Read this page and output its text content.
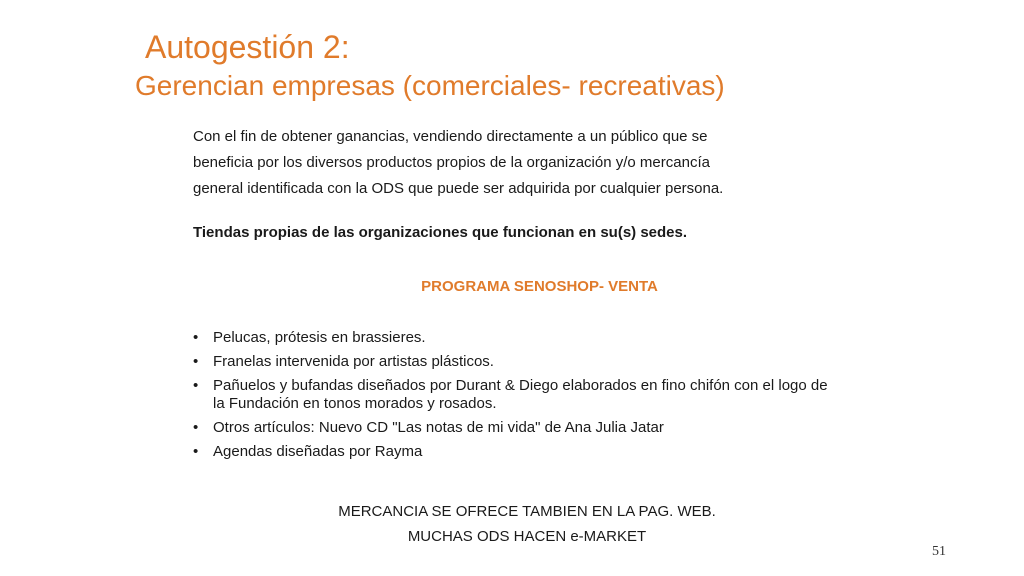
Autogestión 2:
Gerencian empresas (comerciales- recreativas)

Con el fin de obtener ganancias, vendiendo directamente a un público que se

beneficia por los diversos productos propios de la organización y/o mercancía

general identificada con la ODS que puede ser adquirida por cualquier persona.

Tiendas propias de las organizaciones que funcionan en su(s) sedes.

PROGRAMA SENOSHOP- VENTA
• Pelucas, prótesis en brassieres.
• Franelas intervenida por artistas plásticos.
• Pañuelos y bufandas diseñados por Durant & Diego elaborados en fino chifón con el logo de la Fundación en tonos morados y rosados.
• Otros artículos: Nuevo CD "Las notas de mi vida" de Ana Julia Jatar
• Agendas diseñadas por Rayma
MERCANCIA SE OFRECE TAMBIEN EN LA PAG. WEB.
MUCHAS ODS HACEN e-MARKET
51
